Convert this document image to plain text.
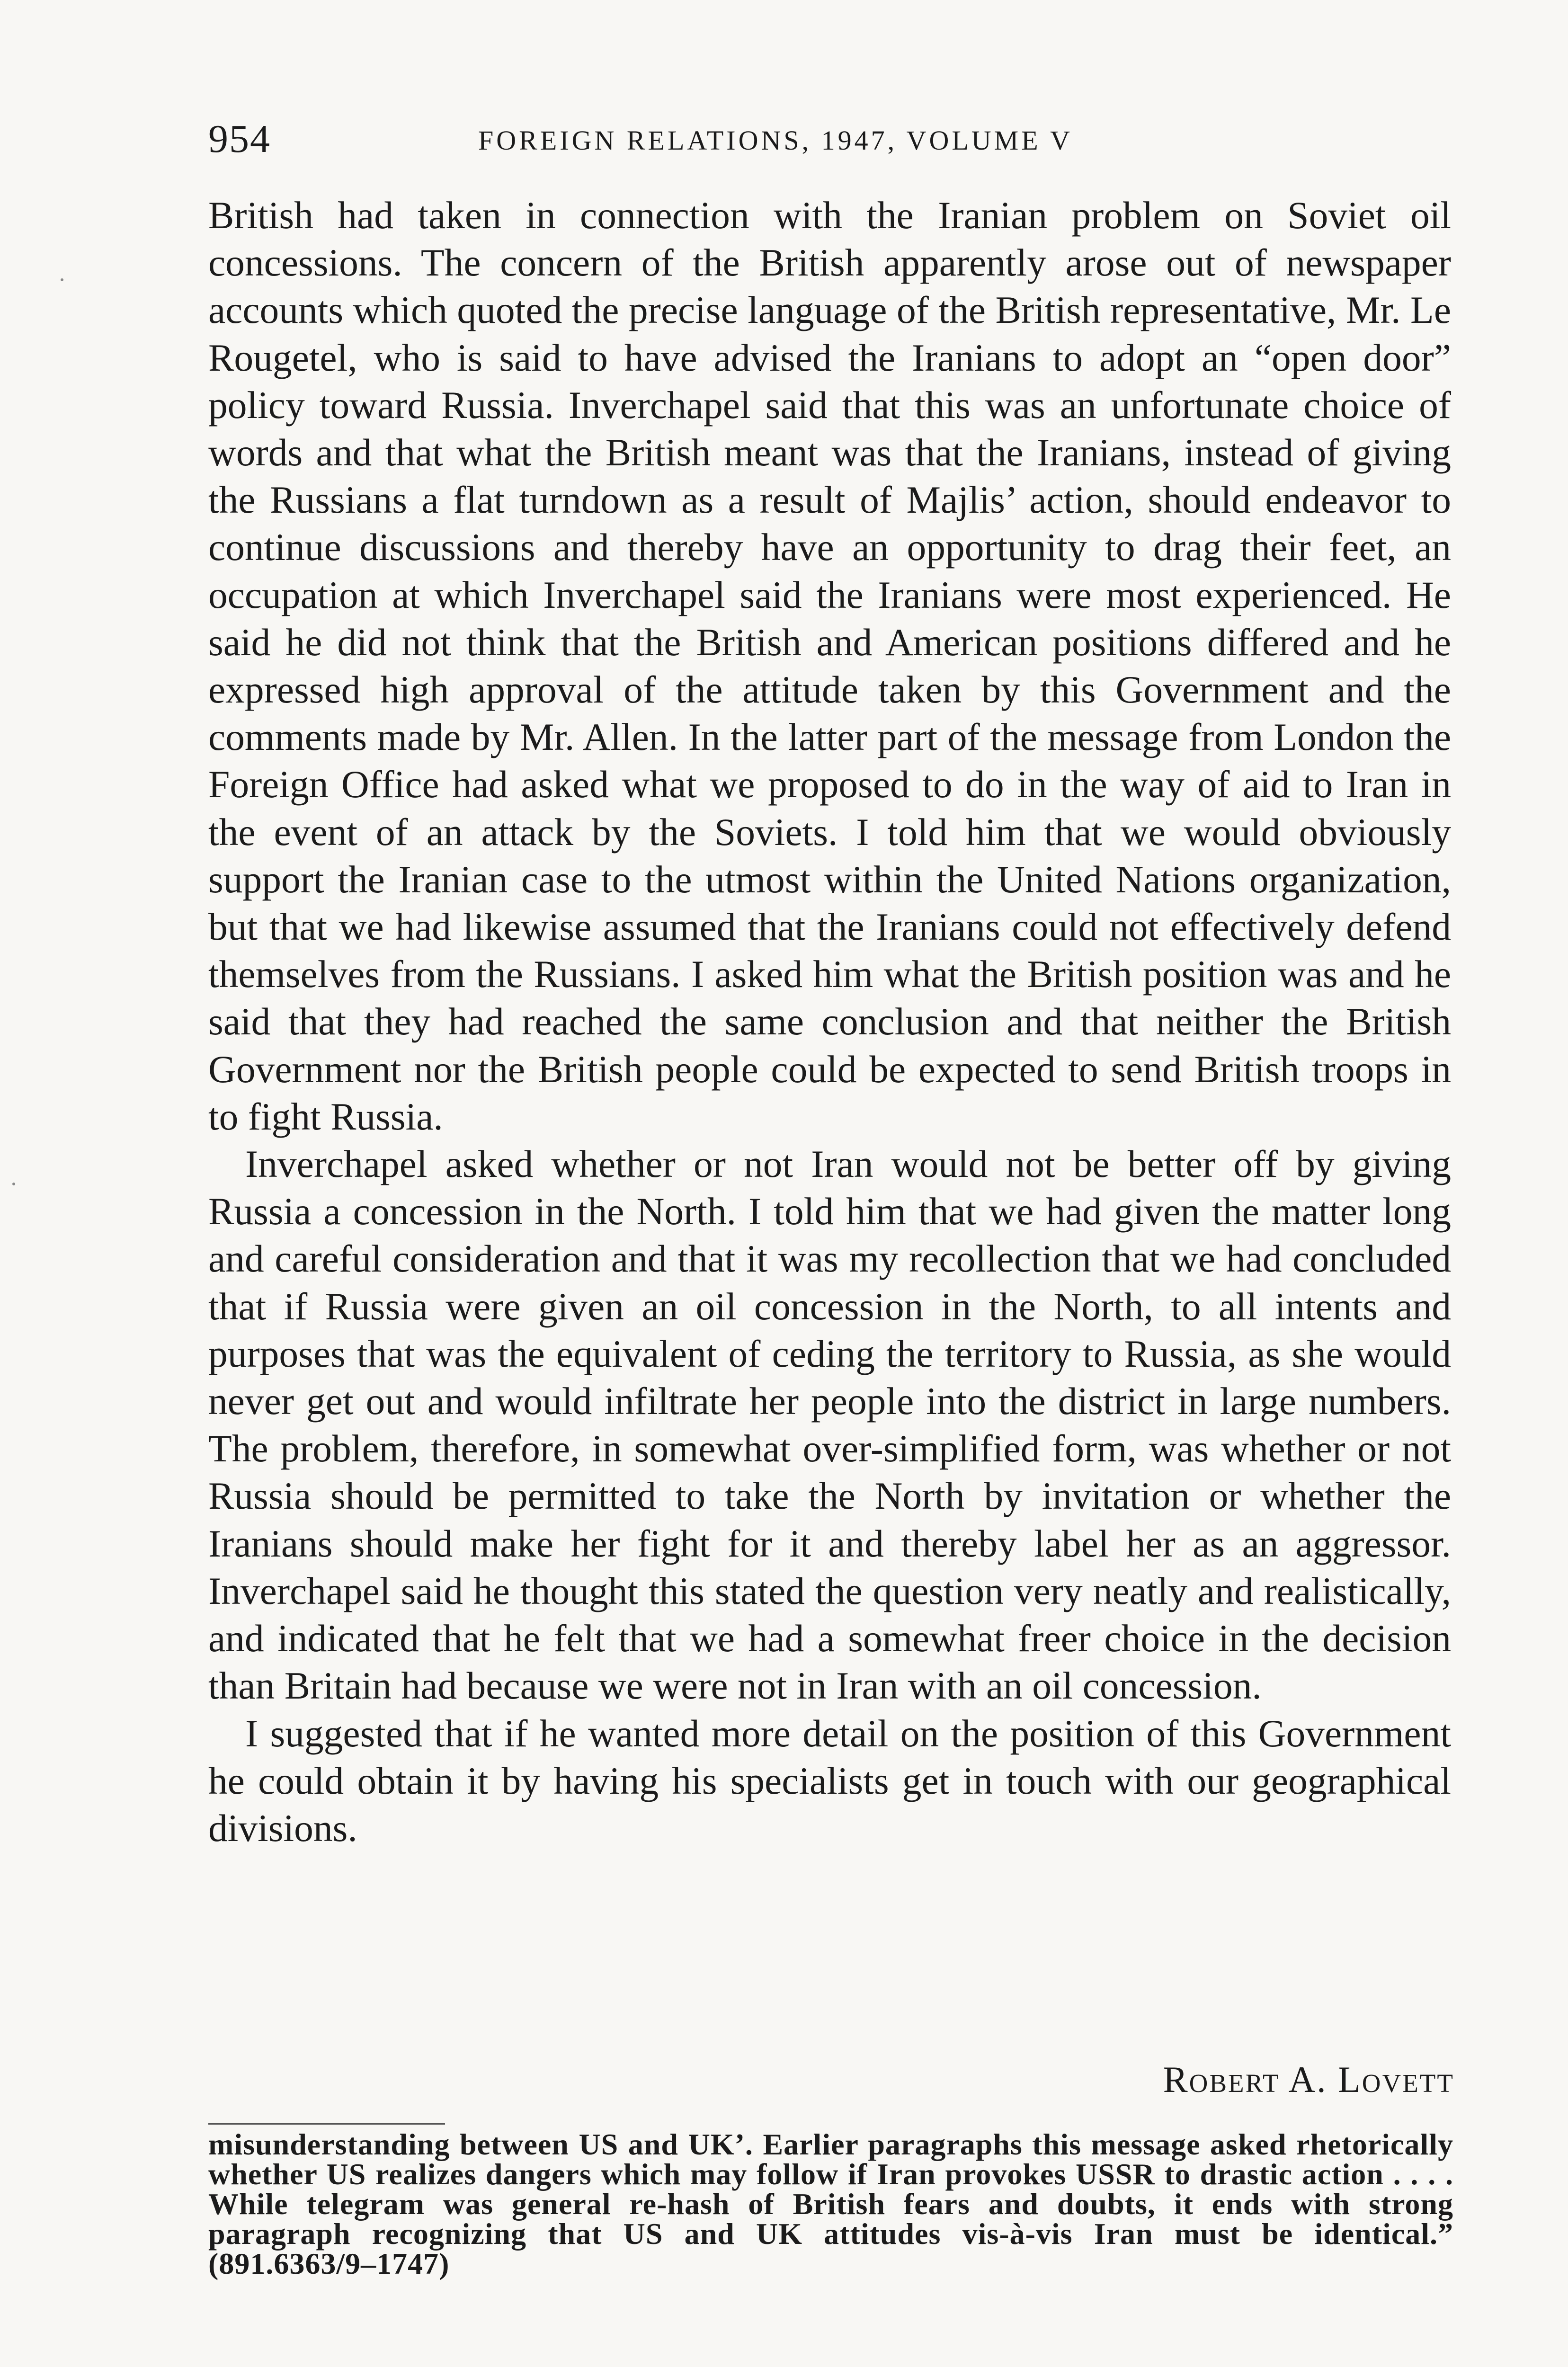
954	FOREIGN RELATIONS, 1947, VOLUME V

British had taken in connection with the Iranian problem on Soviet oil concessions. The concern of the British apparently arose out of newspaper accounts which quoted the precise language of the British representative, Mr. Le Rougetel, who is said to have advised the Iranians to adopt an “open door” policy toward Russia. Inverchapel said that this was an unfortunate choice of words and that what the British meant was that the Iranians, instead of giving the Russians a flat turndown as a result of Majlis’ action, should endeavor to continue discussions and thereby have an opportunity to drag their feet, an occupation at which Inverchapel said the Iranians were most experienced. He said he did not think that the British and American positions differed and he expressed high approval of the attitude taken by this Government and the comments made by Mr. Allen. In the latter part of the message from London the Foreign Office had asked what we proposed to do in the way of aid to Iran in the event of an attack by the Soviets. I told him that we would obviously support the Iranian case to the utmost within the United Nations organization, but that we had likewise assumed that the Iranians could not effectively defend themselves from the Russians. I asked him what the British position was and he said that they had reached the same conclusion and that neither the British Government nor the British people could be expected to send British troops in to fight Russia.

Inverchapel asked whether or not Iran would not be better off by giving Russia a concession in the North. I told him that we had given the matter long and careful consideration and that it was my recollection that we had concluded that if Russia were given an oil concession in the North, to all intents and purposes that was the equivalent of ceding the territory to Russia, as she would never get out and would infiltrate her people into the district in large numbers. The problem, therefore, in somewhat over-simplified form, was whether or not Russia should be permitted to take the North by invitation or whether the Iranians should make her fight for it and thereby label her as an aggressor. Inverchapel said he thought this stated the question very neatly and realistically, and indicated that he felt that we had a somewhat freer choice in the decision than Britain had because we were not in Iran with an oil concession.

I suggested that if he wanted more detail on the position of this Government he could obtain it by having his specialists get in touch with our geographical divisions.

Robert A. Lovett
misunderstanding between US and UK’. Earlier paragraphs this message asked rhetorically whether US realizes dangers which may follow if Iran provokes USSR to drastic action . . . . While telegram was general re-hash of British fears and doubts, it ends with strong paragraph recognizing that US and UK attitudes vis-à-vis Iran must be identical.” (891.6363/9–1747)
